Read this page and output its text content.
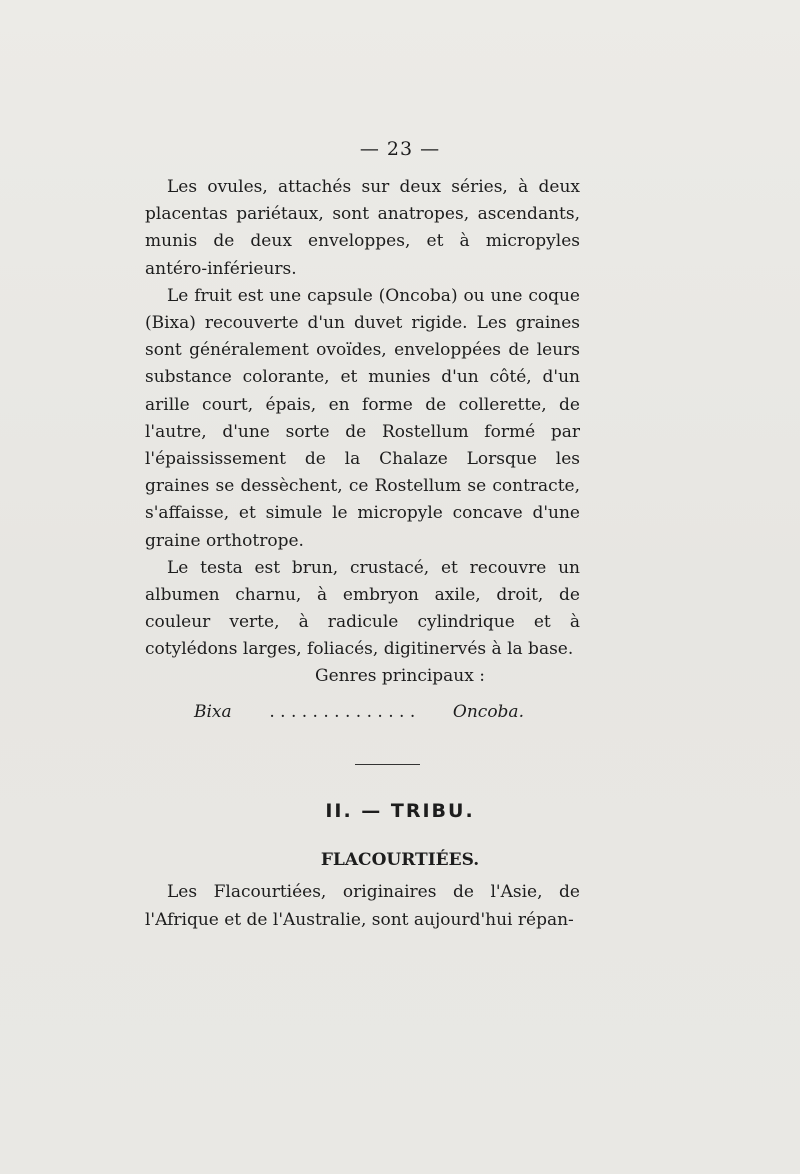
— 23 —

Les ovules, attachés sur deux séries, à deux placentas pariétaux, sont anatropes, ascendants, munis de deux enveloppes, et à micropyles antéro-inférieurs.

Le fruit est une capsule (Oncoba) ou une coque (Bixa) recouverte d'un duvet rigide. Les graines sont généralement ovoïdes, enveloppées de leurs substance colorante, et munies d'un côté, d'un arille court, épais, en forme de collerette, de l'autre, d'une sorte de Rostellum formé par l'épaississement de la Chalaze Lorsque les graines se dessèchent, ce Rostellum se contracte, s'affaisse, et simule le micropyle concave d'une graine orthotrope.

Le testa est brun, crustacé, et recouvre un albumen charnu, à embryon axile, droit, de couleur verte, à radicule cylindrique et à cotylédons larges, foliacés, digitinervés à la base.

Genres principaux :
Bixa . . . . . . . . . . . . . . Oncoba.
II. — TRIBU.
FLACOURTIÉES.

Les Flacourtiées, originaires de l'Asie, de l'Afrique et de l'Australie, sont aujourd'hui répan-
